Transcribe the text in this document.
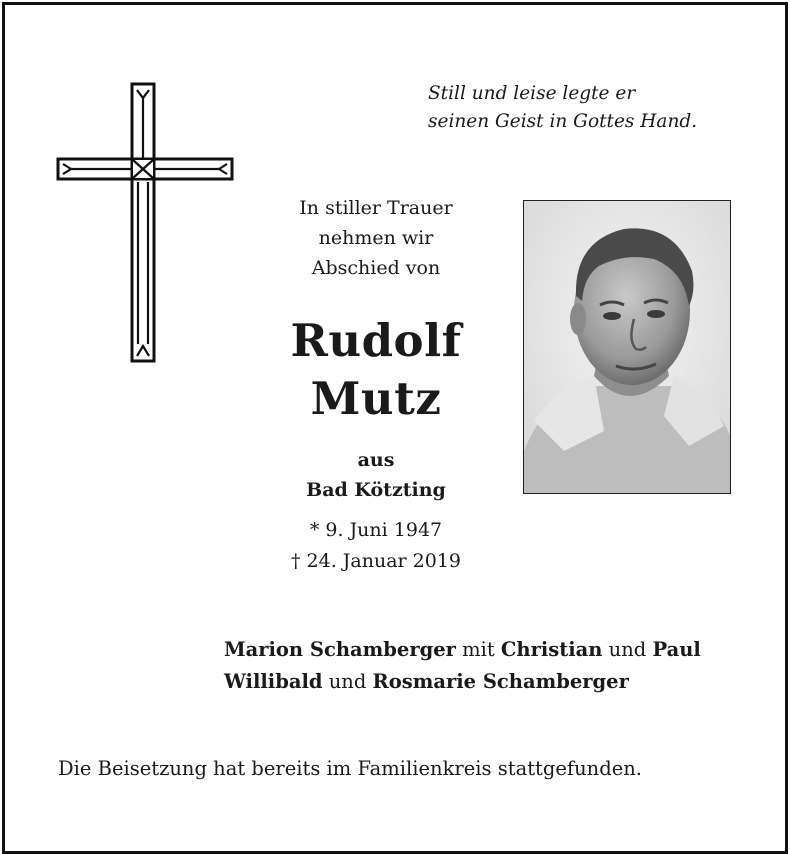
Still und leise legte er
seinen Geist in Gottes Hand.
In stiller Trauer
nehmen wir
Abschied von
Rudolf
Mutz
aus
Bad Kötzting
* 9. Juni 1947
† 24. Januar 2019
Marion Schamberger mit Christian und Paul
Willibald und Rosmarie Schamberger
Die Beisetzung hat bereits im Familienkreis stattgefunden.
